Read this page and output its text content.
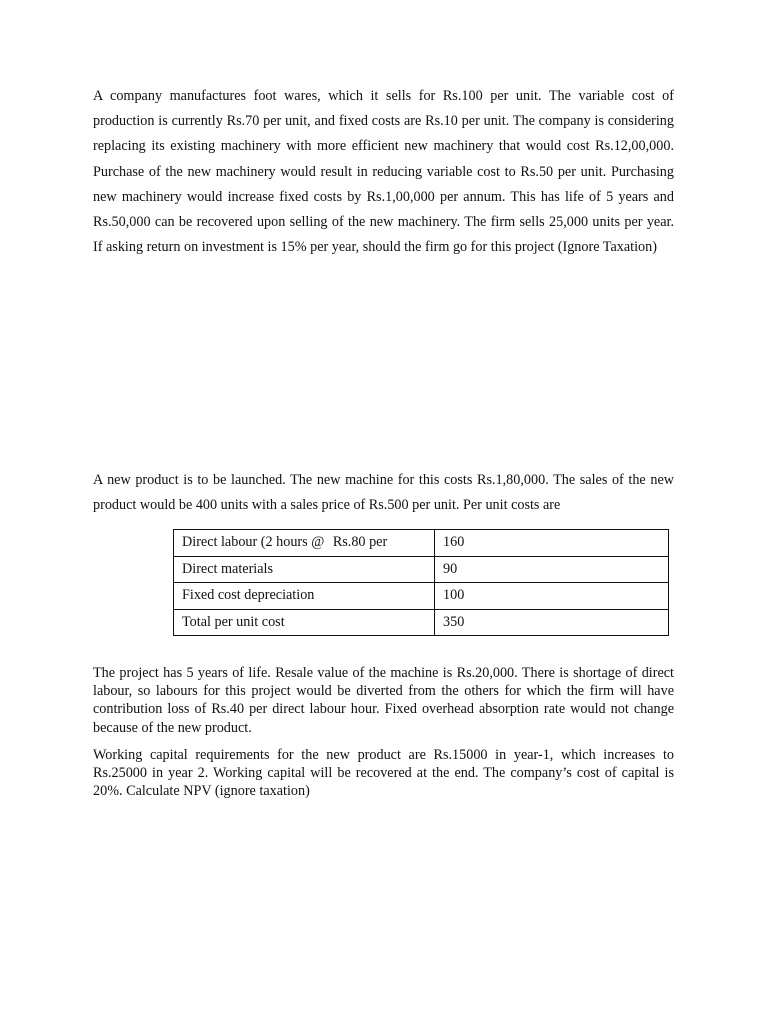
A company manufactures foot wares, which it sells for Rs.100 per unit. The variable cost of production is currently Rs.70 per unit, and fixed costs are Rs.10 per unit. The company is considering replacing its existing machinery with more efficient new machinery that would cost Rs.12,00,000. Purchase of the new machinery would result in reducing variable cost to Rs.50 per unit. Purchasing new machinery would increase fixed costs by Rs.1,00,000 per annum. This has life of 5 years and Rs.50,000 can be recovered upon selling of the new machinery. The firm sells 25,000 units per year. If asking return on investment is 15% per year, should the firm go for this project (Ignore Taxation)

A new product is to be launched. The new machine for this costs Rs.1,80,000. The sales of the new product would be 400 units with a sales price of Rs.500 per unit. Per unit costs are

Direct labour (2 hours @ Rs.80 per	160
Direct materials	90
Fixed cost depreciation	100
Total per unit cost	350

The project has 5 years of life. Resale value of the machine is Rs.20,000. There is shortage of direct labour, so labours for this project would be diverted from the others for which the firm will have contribution loss of Rs.40 per direct labour hour. Fixed overhead absorption rate would not change because of the new product.

Working capital requirements for the new product are Rs.15000 in year-1, which increases to Rs.25000 in year 2. Working capital will be recovered at the end. The company’s cost of capital is 20%. Calculate NPV (ignore taxation)
